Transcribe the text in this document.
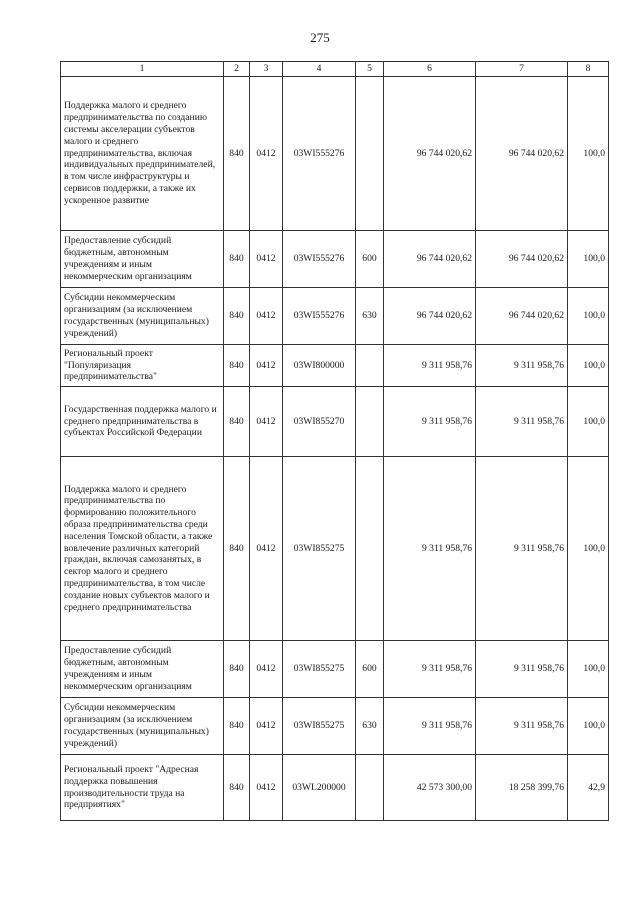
275
1	2	3	4	5	6	7	8
Поддержка малого и среднего предпринимательства по созданию системы акселерации субъектов малого и среднего предпринимательства, включая индивидуальных предпринимателей, в том числе инфраструктуры и сервисов поддержки, а также их ускоренное развитие	840	0412	03WI555276		96 744 020,62	96 744 020,62	100,0
Предоставление субсидий бюджетным, автономным учреждениям и иным некоммерческим организациям	840	0412	03WI555276	600	96 744 020,62	96 744 020,62	100,0
Субсидии некоммерческим организациям (за исключением государственных (муниципальных) учреждений)	840	0412	03WI555276	630	96 744 020,62	96 744 020,62	100,0
Региональный проект "Популяризация предпринимательства"	840	0412	03WI800000		9 311 958,76	9 311 958,76	100,0
Государственная поддержка малого и среднего предпринимательства в субъектах Российской Федерации	840	0412	03WI855270		9 311 958,76	9 311 958,76	100,0
Поддержка малого и среднего предпринимательства по формированию положительного образа предпринимательства среди населения Томской области, а также вовлечение различных категорий граждан, включая самозанятых, в сектор малого и среднего предпринимательства, в том числе создание новых субъектов малого и среднего предпринимательства	840	0412	03WI855275		9 311 958,76	9 311 958,76	100,0
Предоставление субсидий бюджетным, автономным учреждениям и иным некоммерческим организациям	840	0412	03WI855275	600	9 311 958,76	9 311 958,76	100,0
Субсидии некоммерческим организациям (за исключением государственных (муниципальных) учреждений)	840	0412	03WI855275	630	9 311 958,76	9 311 958,76	100,0
Региональный проект "Адресная поддержка повышения производительности труда на предприятиях"	840	0412	03WL200000		42 573 300,00	18 258 399,76	42,9
